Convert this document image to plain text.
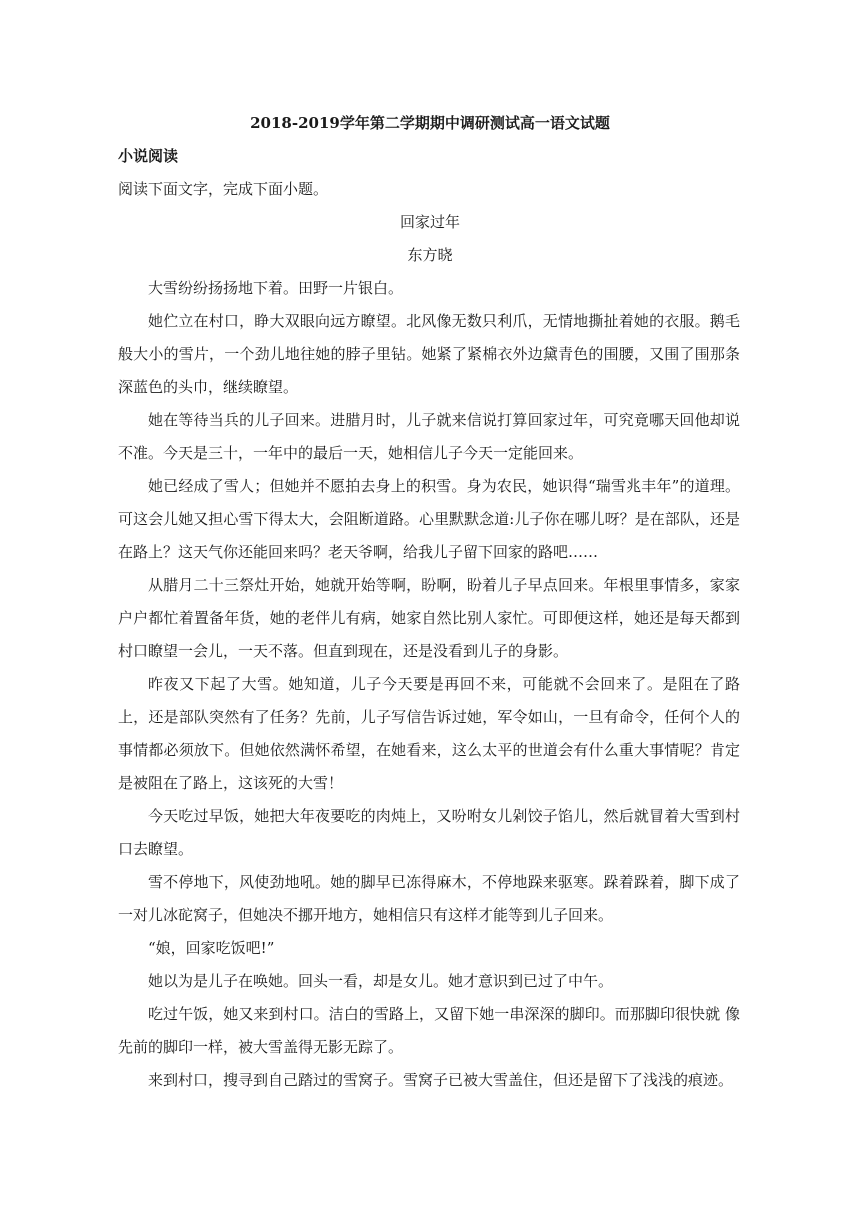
2018-2019学年第二学期期中调研测试高一语文试题
小说阅读
阅读下面文字，完成下面小题。
回家过年
东方晓

大雪纷纷扬扬地下着。田野一片银白。

她伫立在村口，睁大双眼向远方瞭望。北风像无数只利爪，无情地撕扯着她的衣服。鹅毛般大小的雪片，一个劲儿地往她的脖子里钻。她紧了紧棉衣外边黛青色的围腰，又围了围那条深蓝色的头巾，继续瞭望。

她在等待当兵的儿子回来。进腊月时，儿子就来信说打算回家过年，可究竟哪天回他却说不准。今天是三十，一年中的最后一天，她相信儿子今天一定能回来。

她已经成了雪人；但她并不愿拍去身上的积雪。身为农民，她识得“瑞雪兆丰年”的道理。可这会儿她又担心雪下得太大，会阻断道路。心里默默念道:儿子你在哪儿呀？是在部队，还是在路上？这天气你还能回来吗？老天爷啊，给我儿子留下回家的路吧……

从腊月二十三祭灶开始，她就开始等啊，盼啊，盼着儿子早点回来。年根里事情多，家家户户都忙着置备年货，她的老伴儿有病，她家自然比别人家忙。可即便这样，她还是每天都到村口瞭望一会儿，一天不落。但直到现在，还是没看到儿子的身影。

昨夜又下起了大雪。她知道，儿子今天要是再回不来，可能就不会回来了。是阻在了路上，还是部队突然有了任务？先前，儿子写信告诉过她，军令如山，一旦有命令，任何个人的事情都必须放下。但她依然满怀希望，在她看来，这么太平的世道会有什么重大事情呢？肯定是被阻在了路上，这该死的大雪！

今天吃过早饭，她把大年夜要吃的肉炖上，又吩咐女儿剁饺子馅儿，然后就冒着大雪到村口去瞭望。

雪不停地下，风使劲地吼。她的脚早已冻得麻木，不停地跺来驱寒。跺着跺着，脚下成了一对儿冰砣窝子，但她决不挪开地方，她相信只有这样才能等到儿子回来。

“娘，回家吃饭吧!”

她以为是儿子在唤她。回头一看，却是女儿。她才意识到已过了中午。

吃过午饭，她又来到村口。洁白的雪路上，又留下她一串深深的脚印。而那脚印很快就 像先前的脚印一样，被大雪盖得无影无踪了。

来到村口，搜寻到自己踏过的雪窝子。雪窝子已被大雪盖住，但还是留下了浅浅的痕迹。
